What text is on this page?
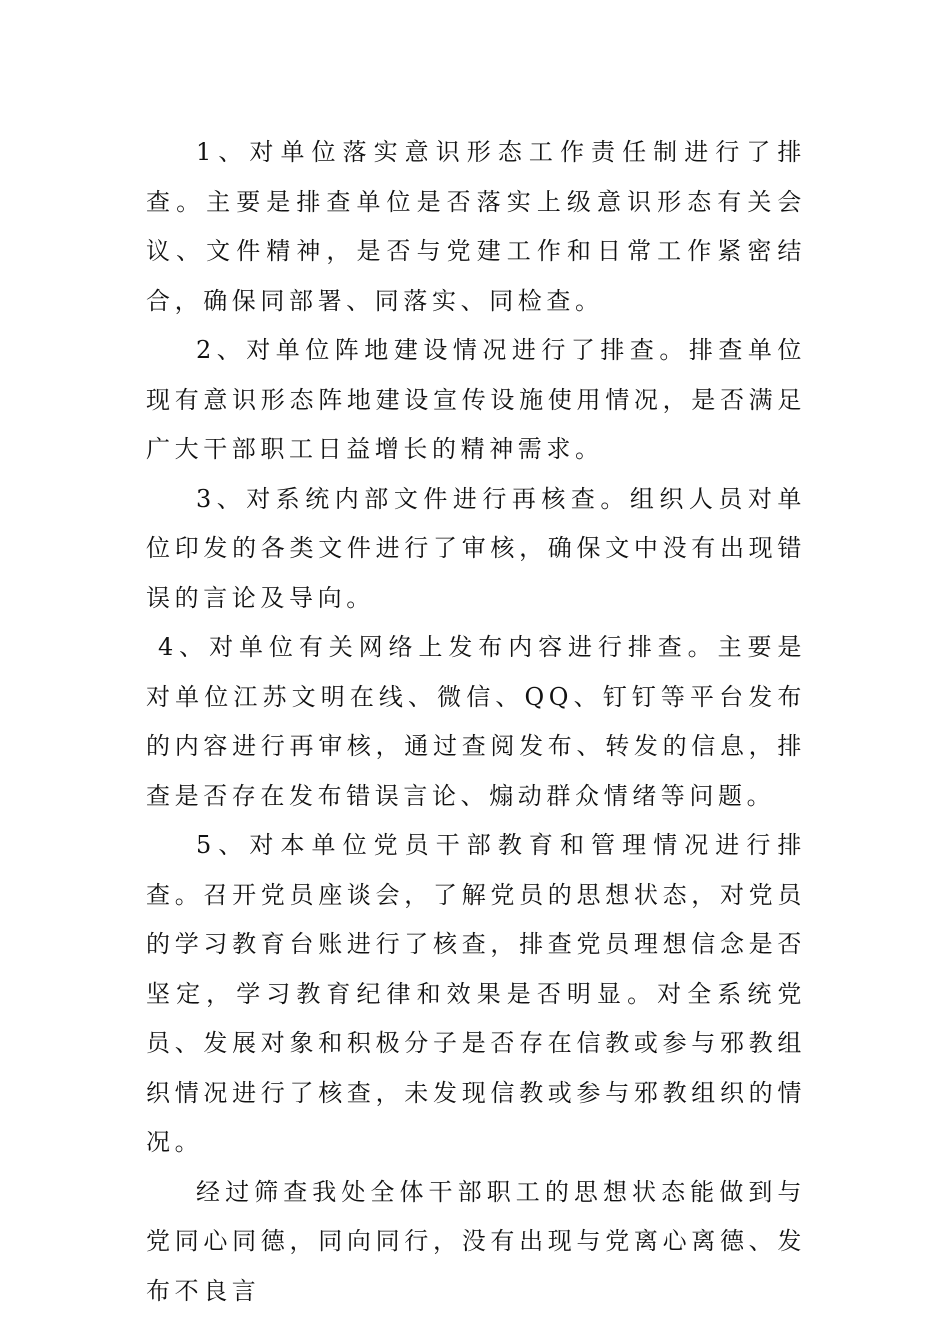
1、对单位落实意识形态工作责任制进行了排查。主要是排查单位是否落实上级意识形态有关会议、文件精神，是否与党建工作和日常工作紧密结合，确保同部署、同落实、同检查。

2、对单位阵地建设情况进行了排查。排查单位现有意识形态阵地建设宣传设施使用情况，是否满足广大干部职工日益增长的精神需求。

3、对系统内部文件进行再核查。组织人员对单位印发的各类文件进行了审核，确保文中没有出现错误的言论及导向。

4、对单位有关网络上发布内容进行排查。主要是对单位江苏文明在线、微信、QQ、钉钉等平台发布的内容进行再审核，通过查阅发布、转发的信息，排查是否存在发布错误言论、煽动群众情绪等问题。

5、对本单位党员干部教育和管理情况进行排查。召开党员座谈会，了解党员的思想状态，对党员的学习教育台账进行了核查，排查党员理想信念是否坚定，学习教育纪律和效果是否明显。对全系统党员、发展对象和积极分子是否存在信教或参与邪教组织情况进行了核查，未发现信教或参与邪教组织的情况。

经过筛查我处全体干部职工的思想状态能做到与党同心同德，同向同行，没有出现与党离心离德、发布不良言
